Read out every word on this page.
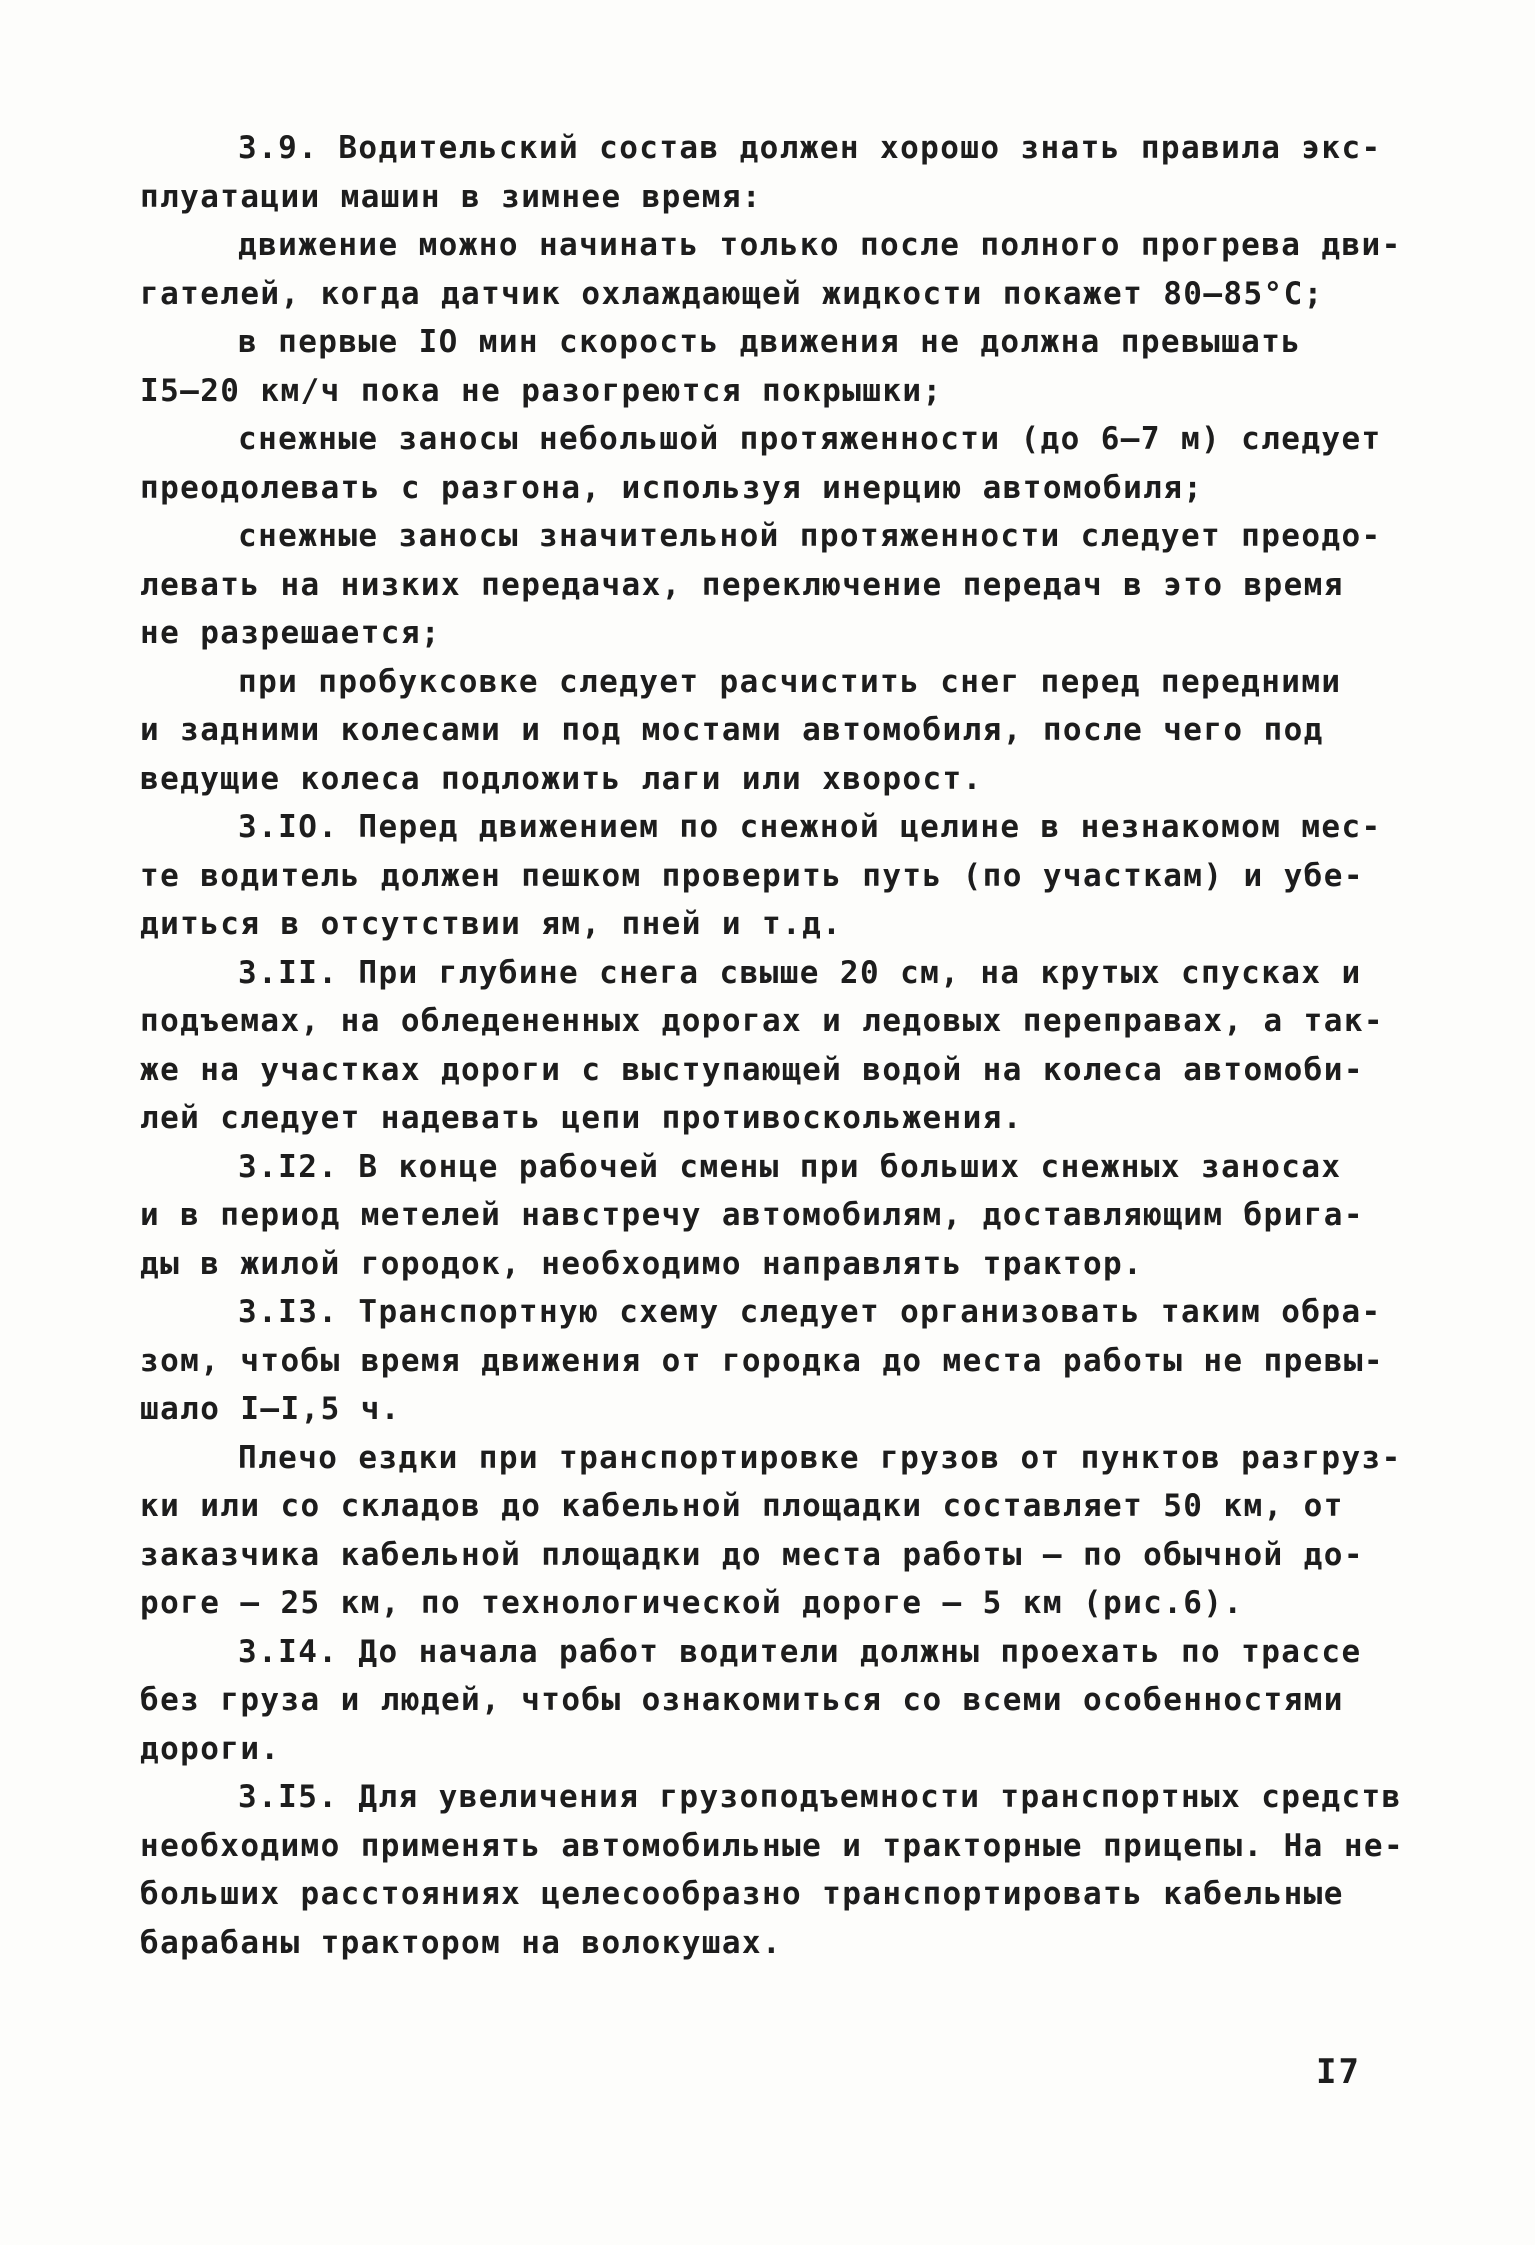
3.9. Водительский состав должен хорошо знать правила экс-
плуатации машин в зимнее время:
движение можно начинать только после полного прогрева дви-
гателей, когда датчик охлаждающей жидкости покажет 80–85°С;
в первые IO мин скорость движения не должна превышать
I5–20 км/ч пока не разогреются покрышки;
снежные заносы небольшой протяженности (до 6–7 м) следует
преодолевать с разгона, используя инерцию автомобиля;
снежные заносы значительной протяженности следует преодо-
левать на низких передачах, переключение передач в это время
не разрешается;
при пробуксовке следует расчистить снег перед передними
и задними колесами и под мостами автомобиля, после чего под
ведущие колеса подложить лаги или хворост.
3.IO. Перед движением по снежной целине в незнакомом мес-
те водитель должен пешком проверить путь (по участкам) и убе-
диться в отсутствии ям, пней и т.д.
3.II. При глубине снега свыше 20 см, на крутых спусках и
подъемах, на обледененных дорогах и ледовых переправах, а так-
же на участках дороги с выступающей водой на колеса автомоби-
лей следует надевать цепи противоскольжения.
3.I2. В конце рабочей смены при больших снежных заносах
и в период метелей навстречу автомобилям, доставляющим брига-
ды в жилой городок, необходимо направлять трактор.
3.I3. Транспортную схему следует организовать таким обра-
зом, чтобы время движения от городка до места работы не превы-
шало I–I,5 ч.
Плечо ездки при транспортировке грузов от пунктов разгруз-
ки или со складов до кабельной площадки составляет 50 км, от
заказчика кабельной площадки до места работы – по обычной до-
роге – 25 км, по технологической дороге – 5 км (рис.6).
3.I4. До начала работ водители должны проехать по трассе
без груза и людей, чтобы ознакомиться со всеми особенностями
дороги.
3.I5. Для увеличения грузоподъемности транспортных средств
необходимо применять автомобильные и тракторные прицепы. На не-
больших расстояниях целесообразно транспортировать кабельные
барабаны трактором на волокушах.
I7
